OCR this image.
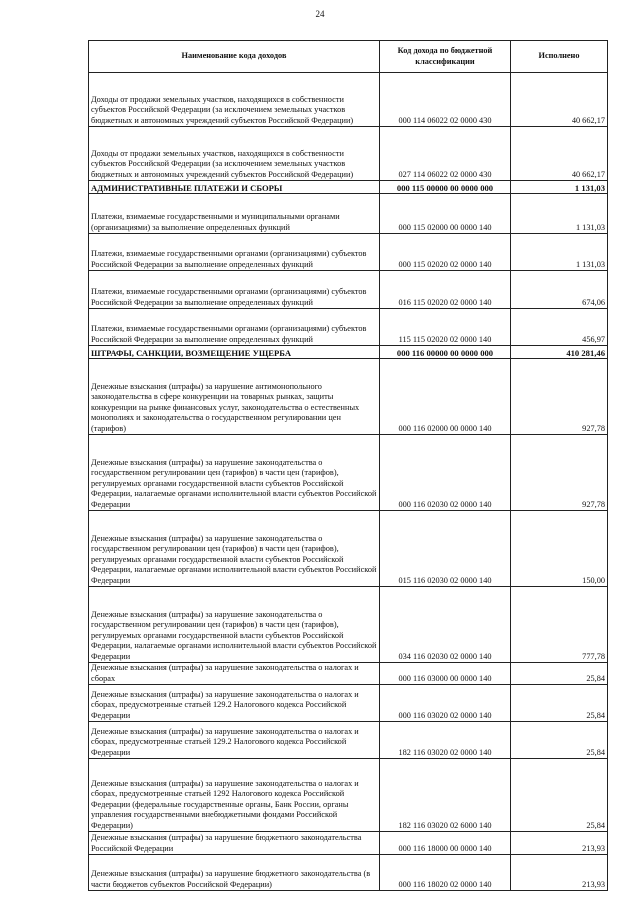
24
Наименование кода доходов	Код дохода по бюджетной классификации	Исполнено
Доходы от продажи земельных участков, находящихся в собственности субъектов Российской Федерации (за исключением земельных участков бюджетных и автономных учреждений субъектов Российской Федерации)	000 114 06022 02 0000 430	40 662,17
Доходы от продажи земельных участков, находящихся в собственности субъектов Российской Федерации (за исключением земельных участков бюджетных и автономных учреждений субъектов Российской Федерации)	027 114 06022 02 0000 430	40 662,17
АДМИНИСТРАТИВНЫЕ ПЛАТЕЖИ И СБОРЫ	000 115 00000 00 0000 000	1 131,03
Платежи, взимаемые государственными и муниципальными органами (организациями) за выполнение определенных функций	000 115 02000 00 0000 140	1 131,03
Платежи, взимаемые государственными органами (организациями) субъектов Российской Федерации за выполнение определенных функций	000 115 02020 02 0000 140	1 131,03
Платежи, взимаемые государственными органами (организациями) субъектов Российской Федерации за выполнение определенных функций	016 115 02020 02 0000 140	674,06
Платежи, взимаемые государственными органами (организациями) субъектов Российской Федерации за выполнение определенных функций	115 115 02020 02 0000 140	456,97
ШТРАФЫ, САНКЦИИ, ВОЗМЕЩЕНИЕ УЩЕРБА	000 116 00000 00 0000 000	410 281,46
Денежные взыскания (штрафы) за нарушение антимонопольного законодательства в сфере конкуренции на товарных рынках, защиты конкуренции на рынке финансовых услуг, законодательства о естественных монополиях и законодательства о государственном регулировании цен (тарифов)	000 116 02000 00 0000 140	927,78
Денежные взыскания (штрафы) за нарушение законодательства о государственном регулировании цен (тарифов) в части цен (тарифов), регулируемых органами государственной власти субъектов Российской Федерации, налагаемые органами исполнительной власти субъектов Российской Федерации	000 116 02030 02 0000 140	927,78
Денежные взыскания (штрафы) за нарушение законодательства о государственном регулировании цен (тарифов) в части цен (тарифов), регулируемых органами государственной власти субъектов Российской Федерации, налагаемые органами исполнительной власти субъектов Российской Федерации	015 116 02030 02 0000 140	150,00
Денежные взыскания (штрафы) за нарушение законодательства о государственном регулировании цен (тарифов) в части цен (тарифов), регулируемых органами государственной власти субъектов Российской Федерации, налагаемые органами исполнительной власти субъектов Российской Федерации	034 116 02030 02 0000 140	777,78
Денежные взыскания (штрафы) за нарушение законодательства о налогах и сборах	000 116 03000 00 0000 140	25,84
Денежные взыскания (штрафы) за нарушение законодательства о налогах и сборах, предусмотренные статьей 129.2 Налогового кодекса Российской Федерации	000 116 03020 02 0000 140	25,84
Денежные взыскания (штрафы) за нарушение законодательства о налогах и сборах, предусмотренные статьей 129.2 Налогового кодекса Российской Федерации	182 116 03020 02 0000 140	25,84
Денежные взыскания (штрафы) за нарушение законодательства о налогах и сборах, предусмотренные статьей 1292 Налогового кодекса Российской Федерации (федеральные государственные органы, Банк России, органы управления государственными внебюджетными фондами Российской Федерации)	182 116 03020 02 6000 140	25,84
Денежные взыскания (штрафы) за нарушение бюджетного законодательства Российской Федерации	000 116 18000 00 0000 140	213,93
Денежные взыскания (штрафы) за нарушение бюджетного законодательства (в части бюджетов субъектов Российской Федерации)	000 116 18020 02 0000 140	213,93
